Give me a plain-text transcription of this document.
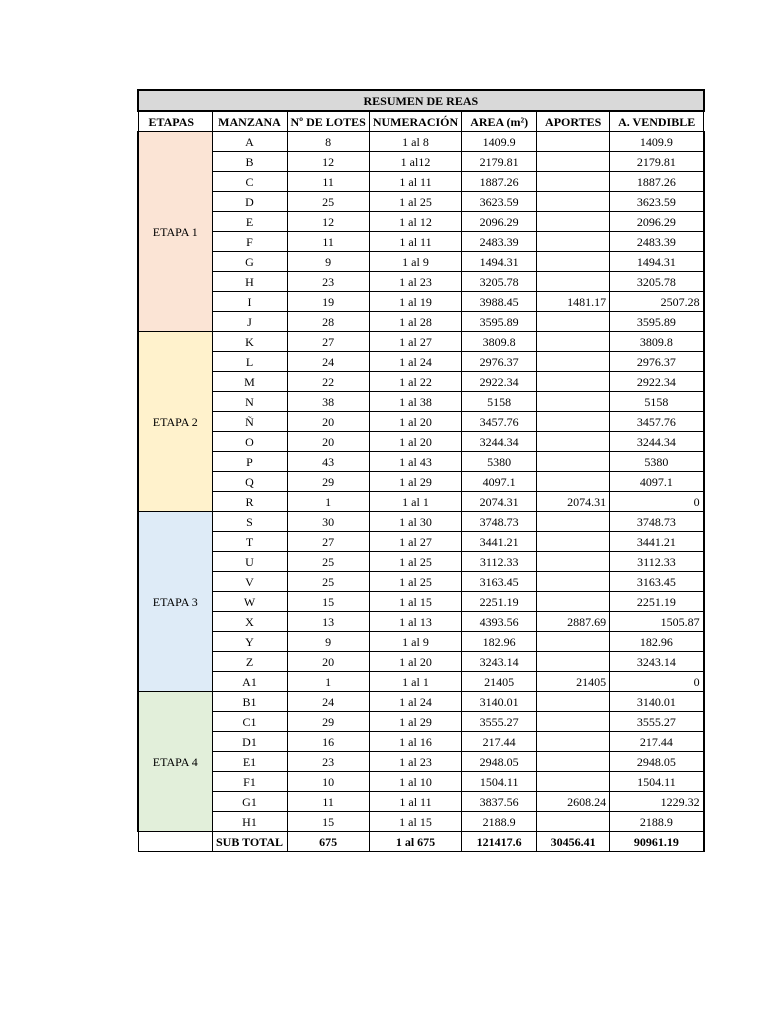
RESUMEN DE REAS						
ETAPAS	MANZANA	Nº DE LOTES	NUMERACIÓN	AREA (m²)	APORTES	A. VENDIBLE
ETAPA 1	A	8	1 al 8	1409.9		1409.9
	B	12	1 al12	2179.81		2179.81
	C	11	1 al 11	1887.26		1887.26
	D	25	1 al 25	3623.59		3623.59
	E	12	1 al 12	2096.29		2096.29
	F	11	1 al 11	2483.39		2483.39
	G	9	1 al 9	1494.31		1494.31
	H	23	1 al 23	3205.78		3205.78
	I	19	1 al 19	3988.45	1481.17	2507.28
	J	28	1 al 28	3595.89		3595.89
ETAPA 2	K	27	1 al 27	3809.8		3809.8
	L	24	1 al 24	2976.37		2976.37
	M	22	1 al 22	2922.34		2922.34
	N	38	1 al 38	5158		5158
	Ñ	20	1 al 20	3457.76		3457.76
	O	20	1 al 20	3244.34		3244.34
	P	43	1 al 43	5380		5380
	Q	29	1 al 29	4097.1		4097.1
	R	1	1 al 1	2074.31	2074.31	0
ETAPA 3	S	30	1 al 30	3748.73		3748.73
	T	27	1 al 27	3441.21		3441.21
	U	25	1 al 25	3112.33		3112.33
	V	25	1 al 25	3163.45		3163.45
	W	15	1 al 15	2251.19		2251.19
	X	13	1 al 13	4393.56	2887.69	1505.87
	Y	9	1 al 9	182.96		182.96
	Z	20	1 al 20	3243.14		3243.14
	A1	1	1 al 1	21405	21405	0
ETAPA 4	B1	24	1 al 24	3140.01		3140.01
	C1	29	1 al 29	3555.27		3555.27
	D1	16	1 al 16	217.44		217.44
	E1	23	1 al 23	2948.05		2948.05
	F1	10	1 al 10	1504.11		1504.11
	G1	11	1 al 11	3837.56	2608.24	1229.32
	H1	15	1 al 15	2188.9		2188.9
	SUB TOTAL	675	1 al 675	121417.6	30456.41	90961.19
